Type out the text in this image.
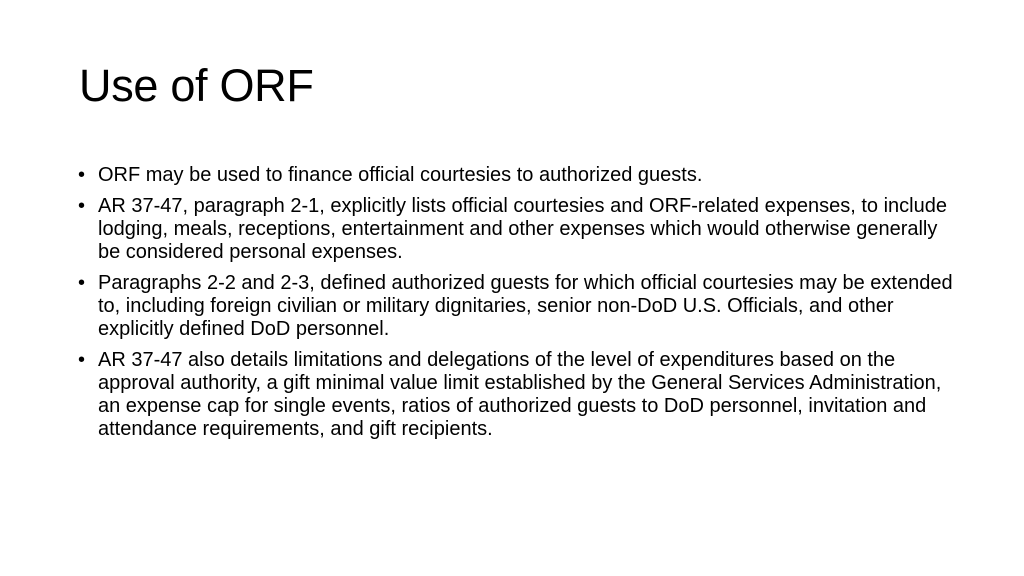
Use of ORF
• ORF may be used to finance official courtesies to authorized guests.
• AR 37-47, paragraph 2-1, explicitly lists official courtesies and ORF-related expenses, to include lodging, meals, receptions, entertainment and other expenses which would otherwise generally be considered personal expenses.
• Paragraphs 2-2 and 2-3, defined authorized guests for which official courtesies may be extended to, including foreign civilian or military dignitaries, senior non-DoD U.S. Officials, and other explicitly defined DoD personnel.
• AR 37-47 also details limitations and delegations of the level of expenditures based on the approval authority, a gift minimal value limit established by the General Services Administration, an expense cap for single events, ratios of authorized guests to DoD personnel, invitation and attendance requirements, and gift recipients.
